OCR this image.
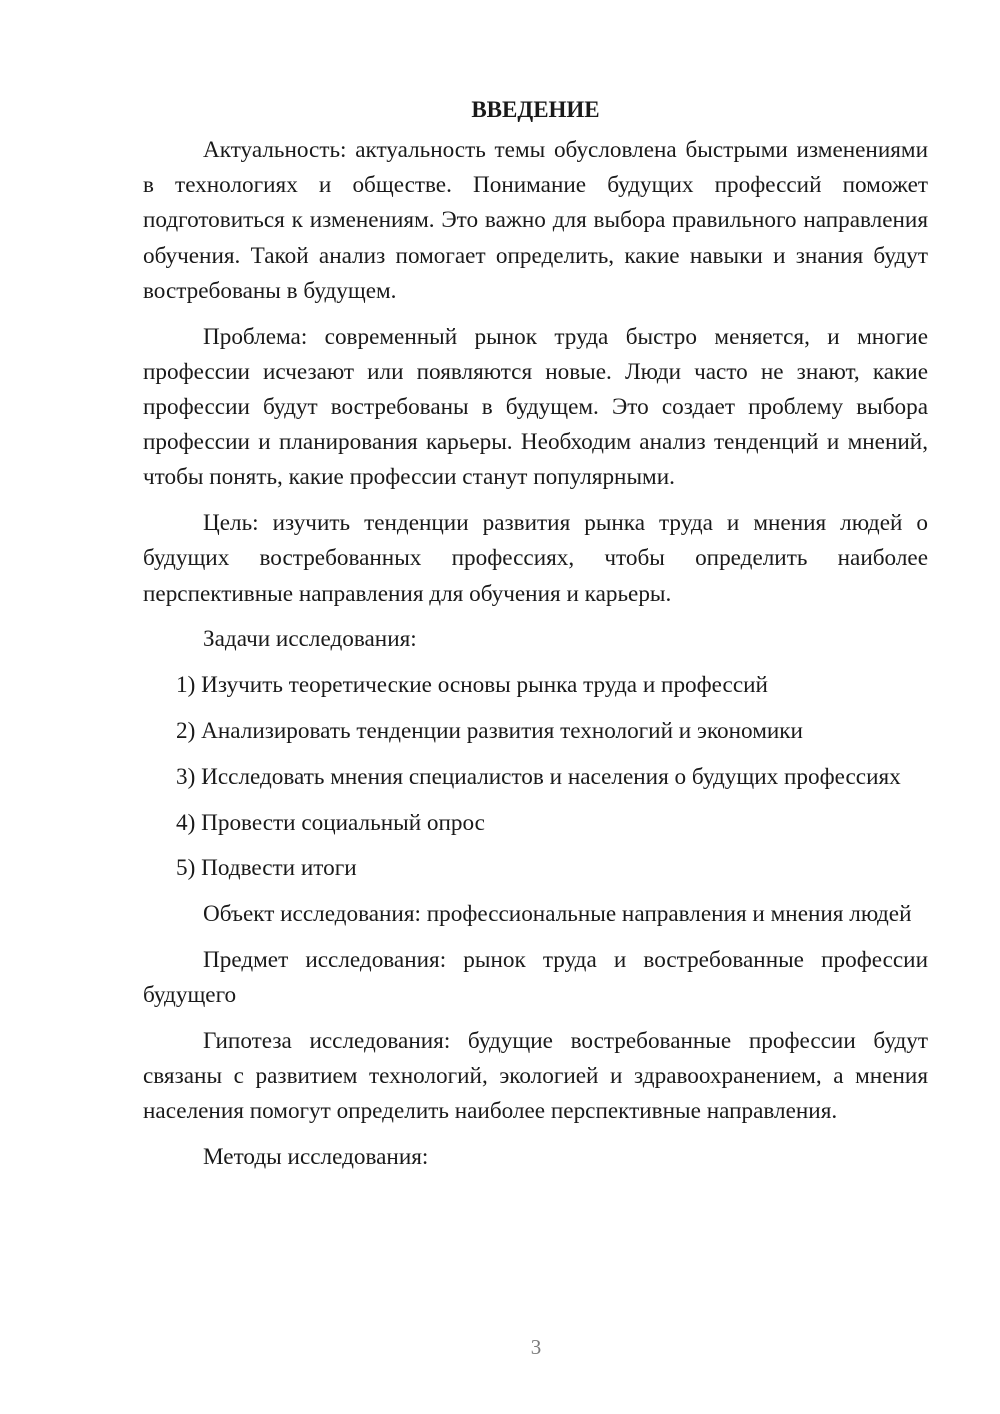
ВВЕДЕНИЕ

Актуальность: актуальность темы обусловлена быстрыми изменениями в технологиях и обществе. Понимание будущих профессий поможет подготовиться к изменениям. Это важно для выбора правильного направления обучения. Такой анализ помогает определить, какие навыки и знания будут востребованы в будущем.

Проблема: современный рынок труда быстро меняется, и многие профессии исчезают или появляются новые. Люди часто не знают, какие профессии будут востребованы в будущем. Это создает проблему выбора профессии и планирования карьеры. Необходим анализ тенденций и мнений, чтобы понять, какие профессии станут популярными.

Цель: изучить тенденции развития рынка труда и мнения людей о будущих востребованных профессиях, чтобы определить наиболее перспективные направления для обучения и карьеры.

Задачи исследования:

1) Изучить теоретические основы рынка труда и профессий

2) Анализировать тенденции развития технологий и экономики

3) Исследовать мнения специалистов и населения о будущих профессиях

4) Провести социальный опрос

5) Подвести итоги

Объект исследования: профессиональные направления и мнения людей

Предмет исследования: рынок труда и востребованные профессии будущего

Гипотеза исследования: будущие востребованные профессии будут связаны с развитием технологий, экологией и здравоохранением, а мнения населения помогут определить наиболее перспективные направления.

Методы исследования:

3
